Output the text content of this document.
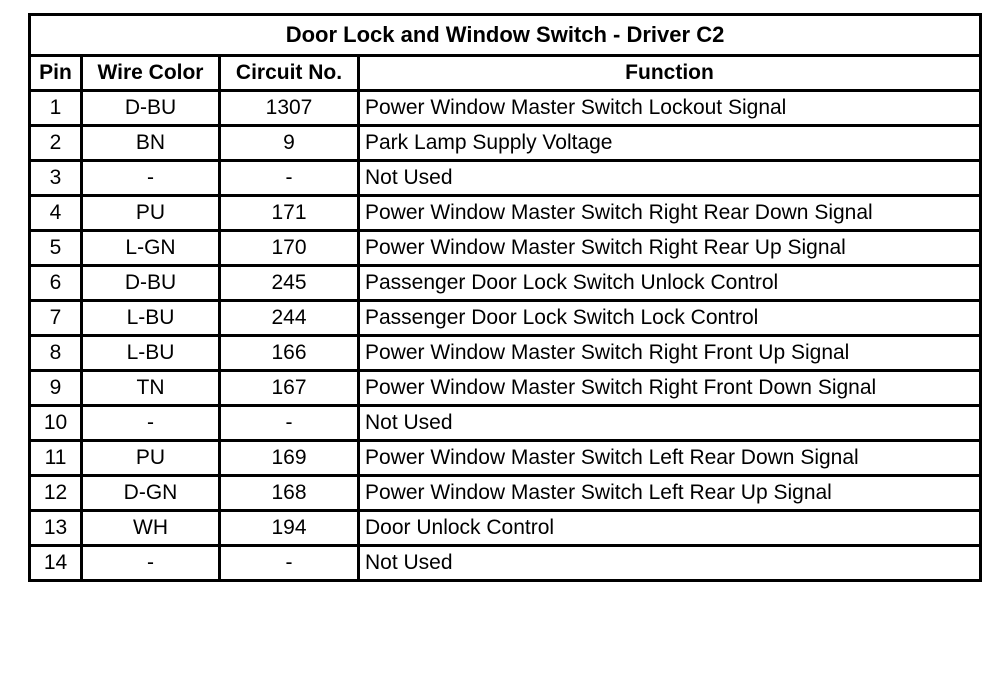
Door Lock and Window Switch - Driver C2			
Pin	Wire Color	Circuit No.	Function
1	D-BU	1307	Power Window Master Switch Lockout Signal
2	BN	9	Park Lamp Supply Voltage
3	-	-	Not Used
4	PU	171	Power Window Master Switch Right Rear Down Signal
5	L-GN	170	Power Window Master Switch Right Rear Up Signal
6	D-BU	245	Passenger Door Lock Switch Unlock Control
7	L-BU	244	Passenger Door Lock Switch Lock Control
8	L-BU	166	Power Window Master Switch Right Front Up Signal
9	TN	167	Power Window Master Switch Right Front Down Signal
10	-	-	Not Used
11	PU	169	Power Window Master Switch Left Rear Down Signal
12	D-GN	168	Power Window Master Switch Left Rear Up Signal
13	WH	194	Door Unlock Control
14	-	-	Not Used
